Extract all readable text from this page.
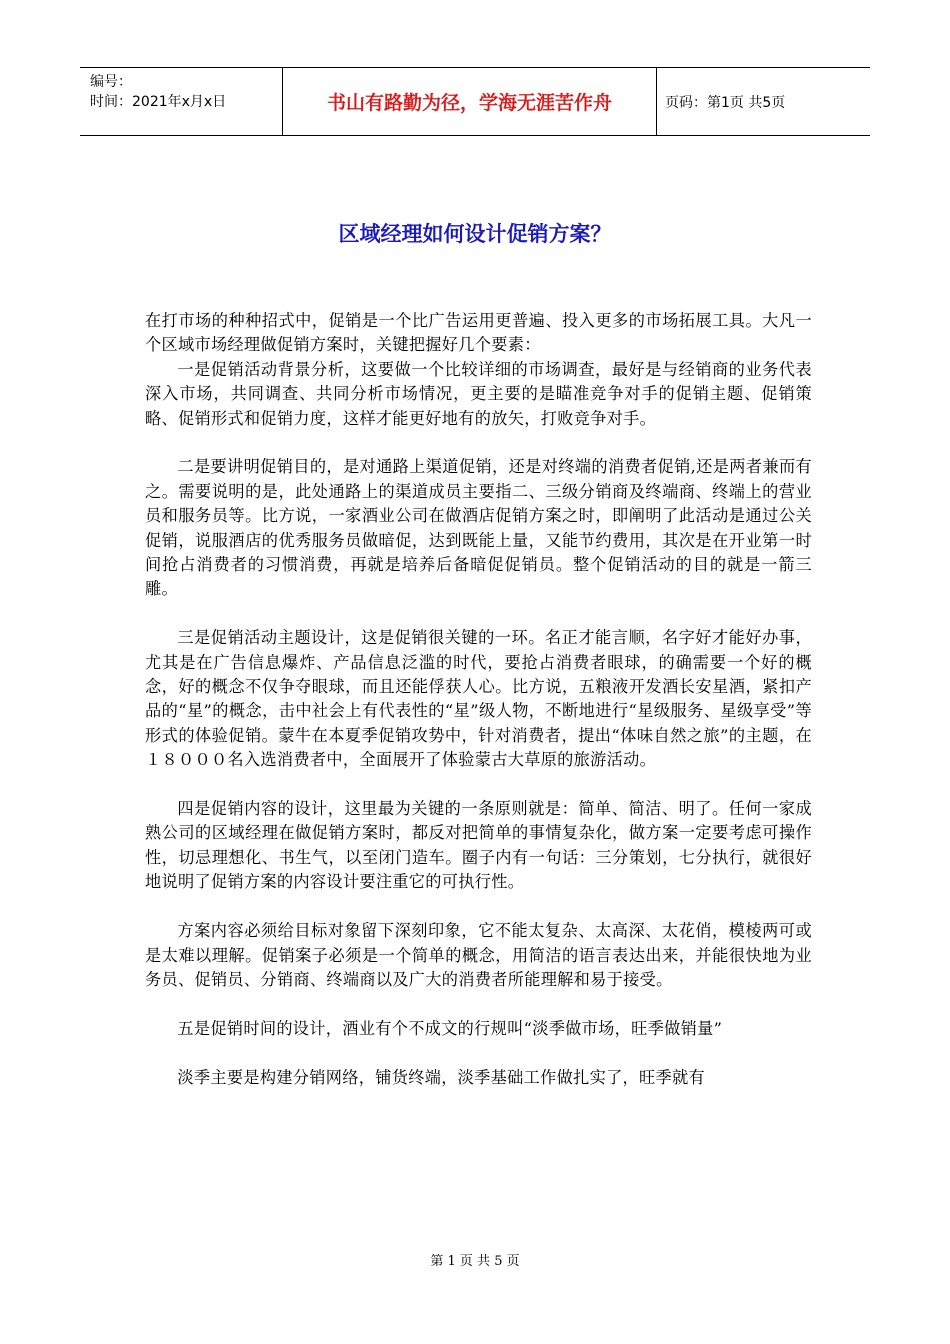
编号：
时间：2021年x月x日	书山有路勤为径，学海无涯苦作舟	页码：第1页 共5页
区域经理如何设计促销方案？

在打市场的种种招式中，促销是一个比广告运用更普遍、投入更多的市场拓展工具。大凡一个区域市场经理做促销方案时，关键把握好几个要素：

一是促销活动背景分析，这要做一个比较详细的市场调查，最好是与经销商的业务代表深入市场，共同调查、共同分析市场情况，更主要的是瞄准竞争对手的促销主题、促销策略、促销形式和促销力度，这样才能更好地有的放矢，打败竞争对手。

二是要讲明促销目的，是对通路上渠道促销，还是对终端的消费者促销,还是两者兼而有之。需要说明的是，此处通路上的渠道成员主要指二、三级分销商及终端商、终端上的营业员和服务员等。比方说，一家酒业公司在做酒店促销方案之时，即阐明了此活动是通过公关促销，说服酒店的优秀服务员做暗促，达到既能上量，又能节约费用，其次是在开业第一时间抢占消费者的习惯消费，再就是培养后备暗促促销员。整个促销活动的目的就是一箭三雕。

三是促销活动主题设计，这是促销很关键的一环。名正才能言顺，名字好才能好办事，尤其是在广告信息爆炸、产品信息泛滥的时代，要抢占消费者眼球，的确需要一个好的概念，好的概念不仅争夺眼球，而且还能俘获人心。比方说，五粮液开发酒长安星酒，紧扣产品的“星”的概念，击中社会上有代表性的“星”级人物，不断地进行“星级服务、星级享受”等形式的体验促销。蒙牛在本夏季促销攻势中，针对消费者，提出“体味自然之旅”的主题，在１８０００名入选消费者中，全面展开了体验蒙古大草原的旅游活动。

四是促销内容的设计，这里最为关键的一条原则就是：简单、简洁、明了。任何一家成熟公司的区域经理在做促销方案时，都反对把简单的事情复杂化，做方案一定要考虑可操作性，切忌理想化、书生气，以至闭门造车。圈子内有一句话：三分策划，七分执行，就很好地说明了促销方案的内容设计要注重它的可执行性。

方案内容必须给目标对象留下深刻印象，它不能太复杂、太高深、太花俏，模棱两可或是太难以理解。促销案子必须是一个简单的概念，用简洁的语言表达出来，并能很快地为业务员、促销员、分销商、终端商以及广大的消费者所能理解和易于接受。

五是促销时间的设计，酒业有个不成文的行规叫“淡季做市场，旺季做销量”

淡季主要是构建分销网络，铺货终端，淡季基础工作做扎实了，旺季就有

第 1 页 共 5 页
